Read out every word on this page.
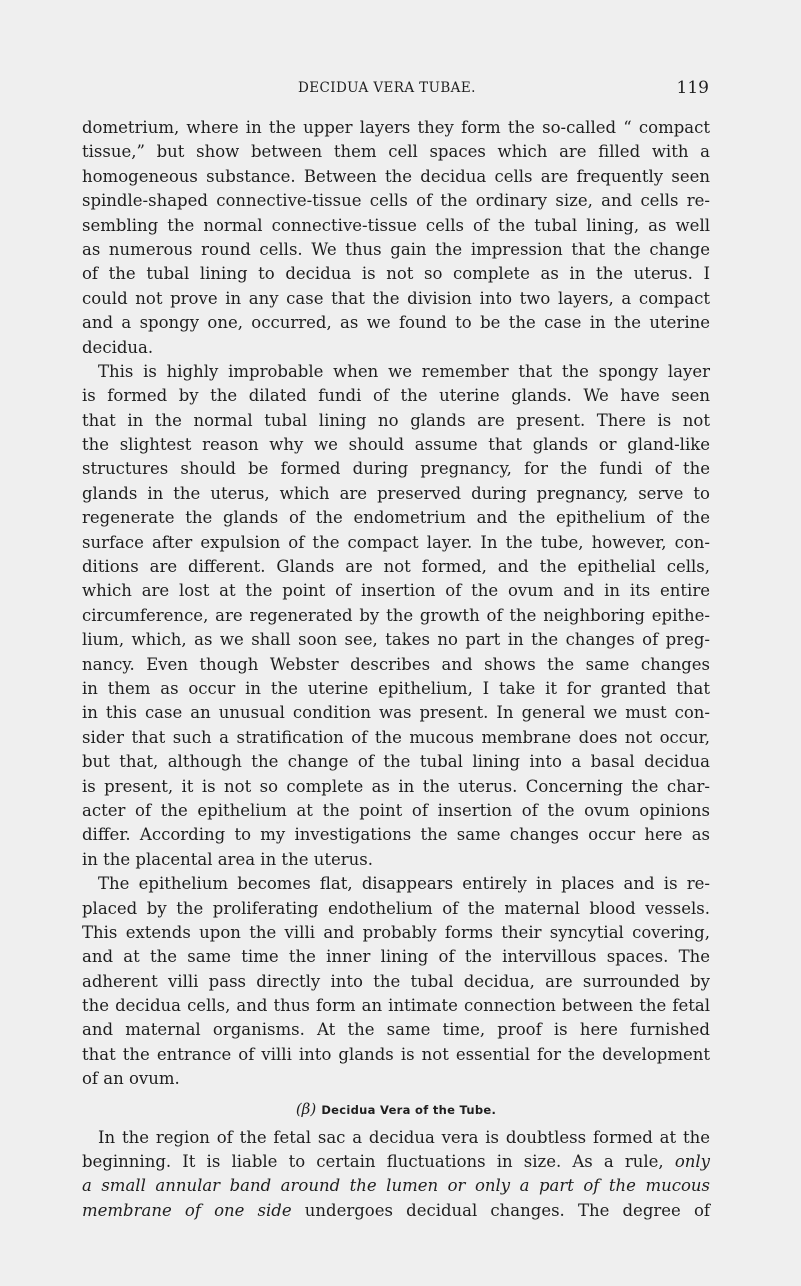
DECIDUA VERA TUBAE.	119
dometrium, where in the upper layers they form the so-called “ compact
tissue,” but show between them cell spaces which are filled with a
homogeneous substance. Between the decidua cells are frequently seen
spindle-shaped connective-tissue cells of the ordinary size, and cells re-
sembling the normal connective-tissue cells of the tubal lining, as well
as numerous round cells. We thus gain the impression that the change
of the tubal lining to decidua is not so complete as in the uterus. I
could not prove in any case that the division into two layers, a compact
and a spongy one, occurred, as we found to be the case in the uterine
decidua.
This is highly improbable when we remember that the spongy layer
is formed by the dilated fundi of the uterine glands. We have seen
that in the normal tubal lining no glands are present. There is not
the slightest reason why we should assume that glands or gland-like
structures should be formed during pregnancy, for the fundi of the
glands in the uterus, which are preserved during pregnancy, serve to
regenerate the glands of the endometrium and the epithelium of the
surface after expulsion of the compact layer. In the tube, however, con-
ditions are different. Glands are not formed, and the epithelial cells,
which are lost at the point of insertion of the ovum and in its entire
circumference, are regenerated by the growth of the neighboring epithe-
lium, which, as we shall soon see, takes no part in the changes of preg-
nancy. Even though Webster describes and shows the same changes
in them as occur in the uterine epithelium, I take it for granted that
in this case an unusual condition was present. In general we must con-
sider that such a stratification of the mucous membrane does not occur,
but that, although the change of the tubal lining into a basal decidua
is present, it is not so complete as in the uterus. Concerning the char-
acter of the epithelium at the point of insertion of the ovum opinions
differ. According to my investigations the same changes occur here as
in the placental area in the uterus.
The epithelium becomes flat, disappears entirely in places and is re-
placed by the proliferating endothelium of the maternal blood vessels.
This extends upon the villi and probably forms their syncytial covering,
and at the same time the inner lining of the intervillous spaces. The
adherent villi pass directly into the tubal decidua, are surrounded by
the decidua cells, and thus form an intimate connection between the fetal
and maternal organisms. At the same time, proof is here furnished
that the entrance of villi into glands is not essential for the development
of an ovum.
(β) Decidua Vera of the Tube.
In the region of the fetal sac a decidua vera is doubtless formed at the
beginning. It is liable to certain fluctuations in size. As a rule, only
a small annular band around the lumen or only a part of the mucous
membrane of one side undergoes decidual changes. The degree of
